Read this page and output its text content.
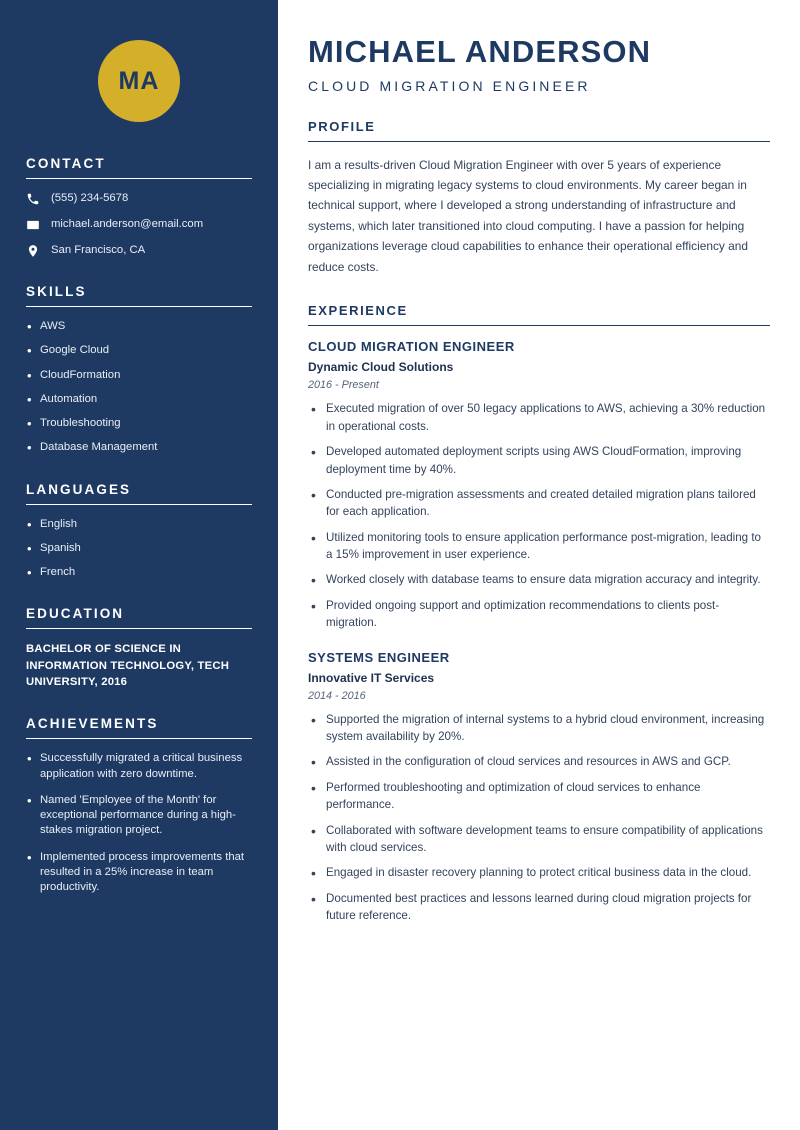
MA
CONTACT
(555) 234-5678
michael.anderson@email.com
San Francisco, CA
SKILLS
• AWS
• Google Cloud
• CloudFormation
• Automation
• Troubleshooting
• Database Management
LANGUAGES
• English
• Spanish
• French
EDUCATION
BACHELOR OF SCIENCE IN INFORMATION TECHNOLOGY, TECH UNIVERSITY, 2016
ACHIEVEMENTS
• Successfully migrated a critical business application with zero downtime.
• Named 'Employee of the Month' for exceptional performance during a high-stakes migration project.
• Implemented process improvements that resulted in a 25% increase in team productivity.
MICHAEL ANDERSON
CLOUD MIGRATION ENGINEER
PROFILE

I am a results-driven Cloud Migration Engineer with over 5 years of experience specializing in migrating legacy systems to cloud environments. My career began in technical support, where I developed a strong understanding of infrastructure and systems, which later transitioned into cloud computing. I have a passion for helping organizations leverage cloud capabilities to enhance their operational efficiency and reduce costs.

EXPERIENCE
CLOUD MIGRATION ENGINEER
Dynamic Cloud Solutions
2016 - Present
• Executed migration of over 50 legacy applications to AWS, achieving a 30% reduction in operational costs.
• Developed automated deployment scripts using AWS CloudFormation, improving deployment time by 40%.
• Conducted pre-migration assessments and created detailed migration plans tailored for each application.
• Utilized monitoring tools to ensure application performance post-migration, leading to a 15% improvement in user experience.
• Worked closely with database teams to ensure data migration accuracy and integrity.
• Provided ongoing support and optimization recommendations to clients post-migration.
SYSTEMS ENGINEER
Innovative IT Services
2014 - 2016
• Supported the migration of internal systems to a hybrid cloud environment, increasing system availability by 20%.
• Assisted in the configuration of cloud services and resources in AWS and GCP.
• Performed troubleshooting and optimization of cloud services to enhance performance.
• Collaborated with software development teams to ensure compatibility of applications with cloud services.
• Engaged in disaster recovery planning to protect critical business data in the cloud.
• Documented best practices and lessons learned during cloud migration projects for future reference.
